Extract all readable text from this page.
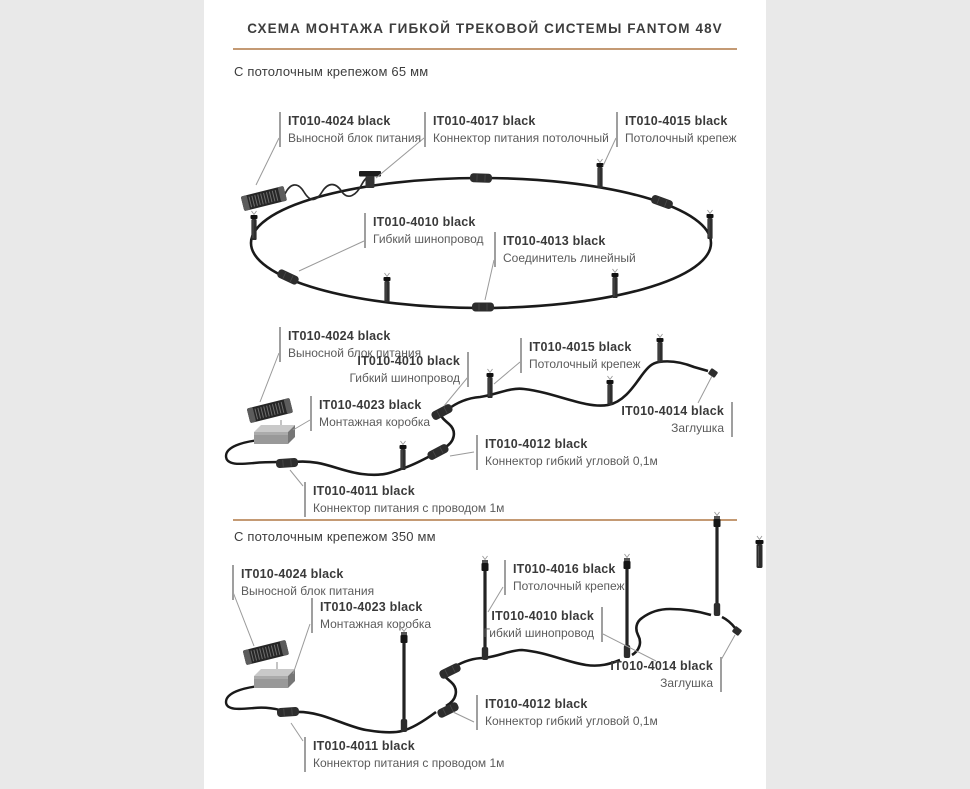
СХЕМА МОНТАЖА ГИБКОЙ ТРЕКОВОЙ СИСТЕМЫ FANTOM 48V
С потолочным крепежом 65 мм
С потолочным крепежом 350 мм
IT010-4024 black
Выносной блок питания
IT010-4017 black
Коннектор питания потолочный
IT010-4015 black
Потолочный крепеж
IT010-4010 black
Гибкий шинопровод IT010-4013 black
Соединитель линейный
IT010-4024 black
Выносной блок питания
IT010-4010 black
Гибкий шинопровод
IT010-4015 black
Потолочный крепеж
IT010-4023 black
Монтажная коробка
IT010-4014 black
Заглушка
IT010-4012 black
Коннектор гибкий угловой 0,1м
IT010-4011 black
Коннектор питания с проводом 1м
IT010-4024 black
Выносной блок питания
IT010-4023 black
Монтажная коробка
IT010-4016 black
Потолочный крепеж
IT010-4010 black
Гибкий шинопровод
IT010-4014 black
Заглушка
IT010-4012 black
Коннектор гибкий угловой 0,1м
IT010-4011 black
Коннектор питания с проводом 1м
